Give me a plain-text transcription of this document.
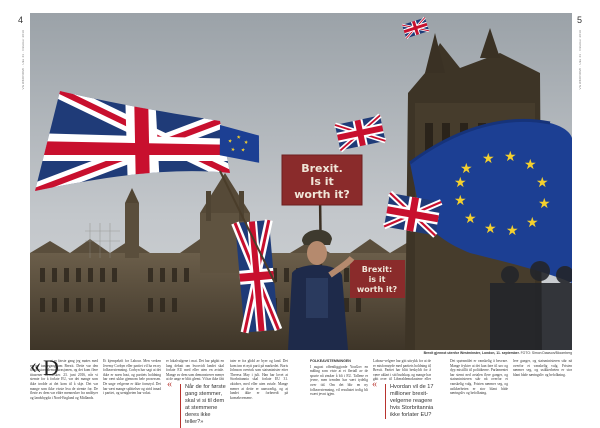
4	5
VG ØKONOMI · Uke 43 · Oktober 2019	VG ØKONOMI · Uke 43 · Oktober 2019
★
★ ★ ★
★
★
★
★
★
★
★
★
★
★
★
★
★
Brexit.
Is it
worth it?
Brexit:
is it
worth it?
Brexit gjennot utenfor Westminster, London, 11. september. FOTO: Simon Dawson/Bloomberg
« D
et er første gang jeg møtes med en ny tankegang om Brexit. Dette var den første store demonstrasjonen, og det kom flere titusener mennesker. 23. juni 2016, når vi stemte for å forlate EU, var det mange som ikke trodde at det kom til å skje. Det var mange som ikke visste hva de stemte for. De fleste av dem var eldre mennesker fra småbyer og landsbygda i Nord-England og Midlands.
Et kjempeløft for Labour. Men verken Jeremy Corbyn eller partiet vil ha en ny folkeavstemning. Corbyn har sagt at det ikke er noen hast, og partiets holdning har vært uklar gjennom hele prosessen. De unge velgerne er ikke fornøyd. Det har vært mange splittelser og strid innad i partiet, og uenigheten har vokst.
er lokalvalgene i mai. Det har pågått en lang debatt om hvorvidt landet skal forlate EU med eller uten en avtale. Mange av dem som demonstrerer mener at de unge er blitt glemt. Vi har ikke fått
« Når de for første gang stemmer, skal vi si til dem at stemmene deres ikke teller?»
tater er fra glidd av byer og land. Det kom inn et nytt parti på markedet. Boris Johnson overtok som statsminister etter Theresa May i juli. Han har lovet at Storbritannia skal forlate EU 31. oktober, med eller uten avtale. Mange mener at dette er uansvarlig, og at landet ikke er forberedt på konsekvensene.
FOLKEAVSTEMNINGEN
I august offentliggjorde YouGov en måling som viste at et flertall av de spurte nå ønsker å bli i EU. Tallene er jevne, men trenden har vært tydelig over tid. Om det blir en ny folkeavstemning, vil resultatet trolig bli svært jevnt igjen.
Labour-velgere har gitt uttrykk for at de er misfornøyde med partiets holdning til Brexit. Partiet har blitt beskyldt for å være uklart i sitt budskap, og mange har gått over til Liberaldemokratene eller
« Hvordan vil de 17 millioner brexit-velgerne reagere hvis Storbritannia ikke forlater EU?
Det spørsmålet er vanskelig å besvare. Mange frykter at det kan føre til uro og dyp mistillit til politikerne. Parlamentet har stemt ned avtalen flere ganger, og statsministeren står nå overfor et vanskelig valg. Fristen nærmer seg, og usikkerheten er stor blant både næringsliv og befolkning.
lere ganger, og statsministeren står nå overfor et vanskelig valg. Fristen nærmer seg, og usikkerheten er stor blant både næringsliv og befolkning.
